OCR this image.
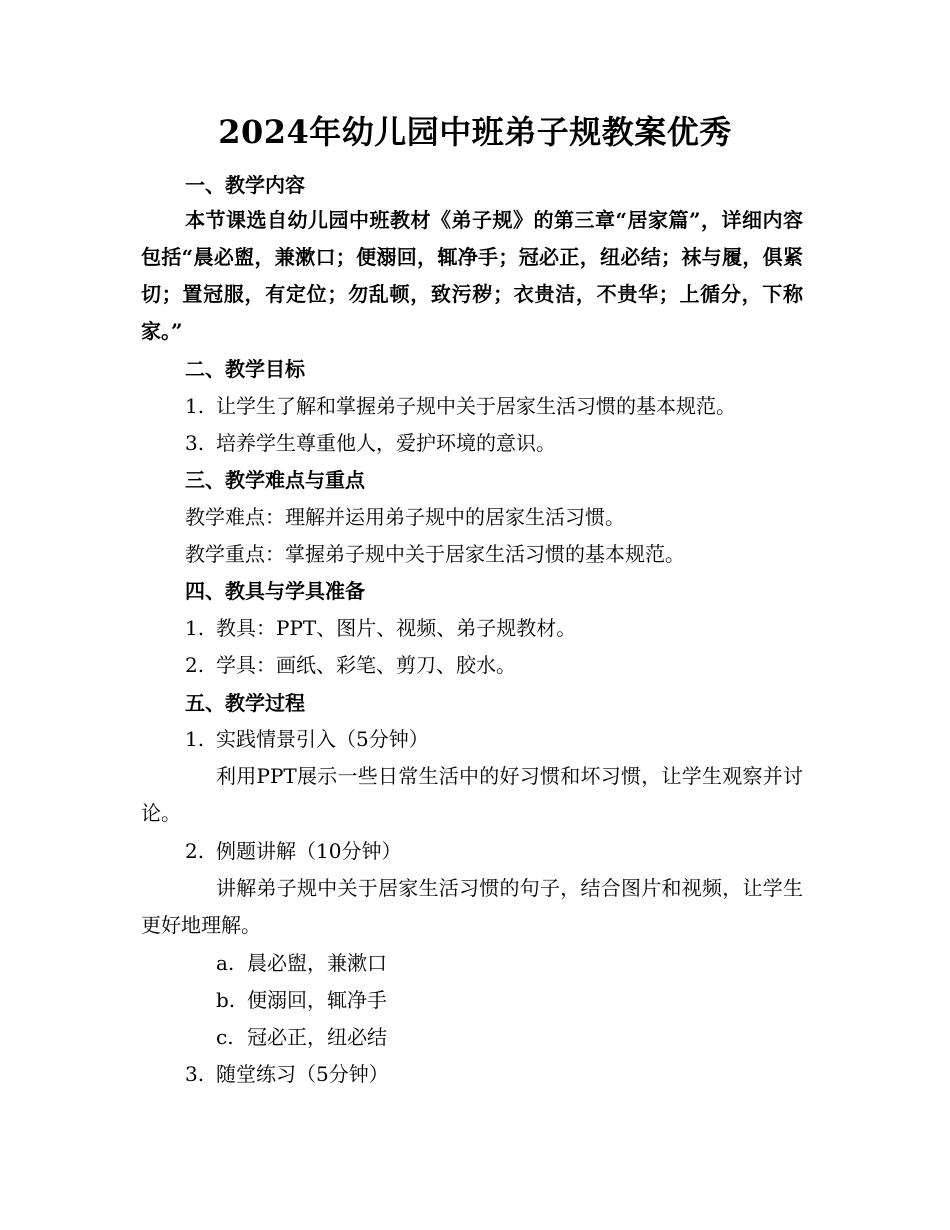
2024年幼儿园中班弟子规教案优秀
一、教学内容
本节课选自幼儿园中班教材《弟子规》的第三章“居家篇”，详细内容包括“晨必盥，兼漱口；便溺回，辄净手；冠必正，纽必结；袜与履，俱紧切；置冠服，有定位；勿乱顿，致污秽；衣贵洁，不贵华；上循分，下称家。”
二、教学目标
1. 让学生了解和掌握弟子规中关于居家生活习惯的基本规范。
3. 培养学生尊重他人，爱护环境的意识。
三、教学难点与重点
教学难点：理解并运用弟子规中的居家生活习惯。
教学重点：掌握弟子规中关于居家生活习惯的基本规范。
四、教具与学具准备
1. 教具：PPT、图片、视频、弟子规教材。
2. 学具：画纸、彩笔、剪刀、胶水。
五、教学过程
1. 实践情景引入（5分钟）
利用PPT展示一些日常生活中的好习惯和坏习惯，让学生观察并讨论。
2. 例题讲解（10分钟）
讲解弟子规中关于居家生活习惯的句子，结合图片和视频，让学生更好地理解。
a. 晨必盥，兼漱口
b. 便溺回，辄净手
c. 冠必正，纽必结
3. 随堂练习（5分钟）
